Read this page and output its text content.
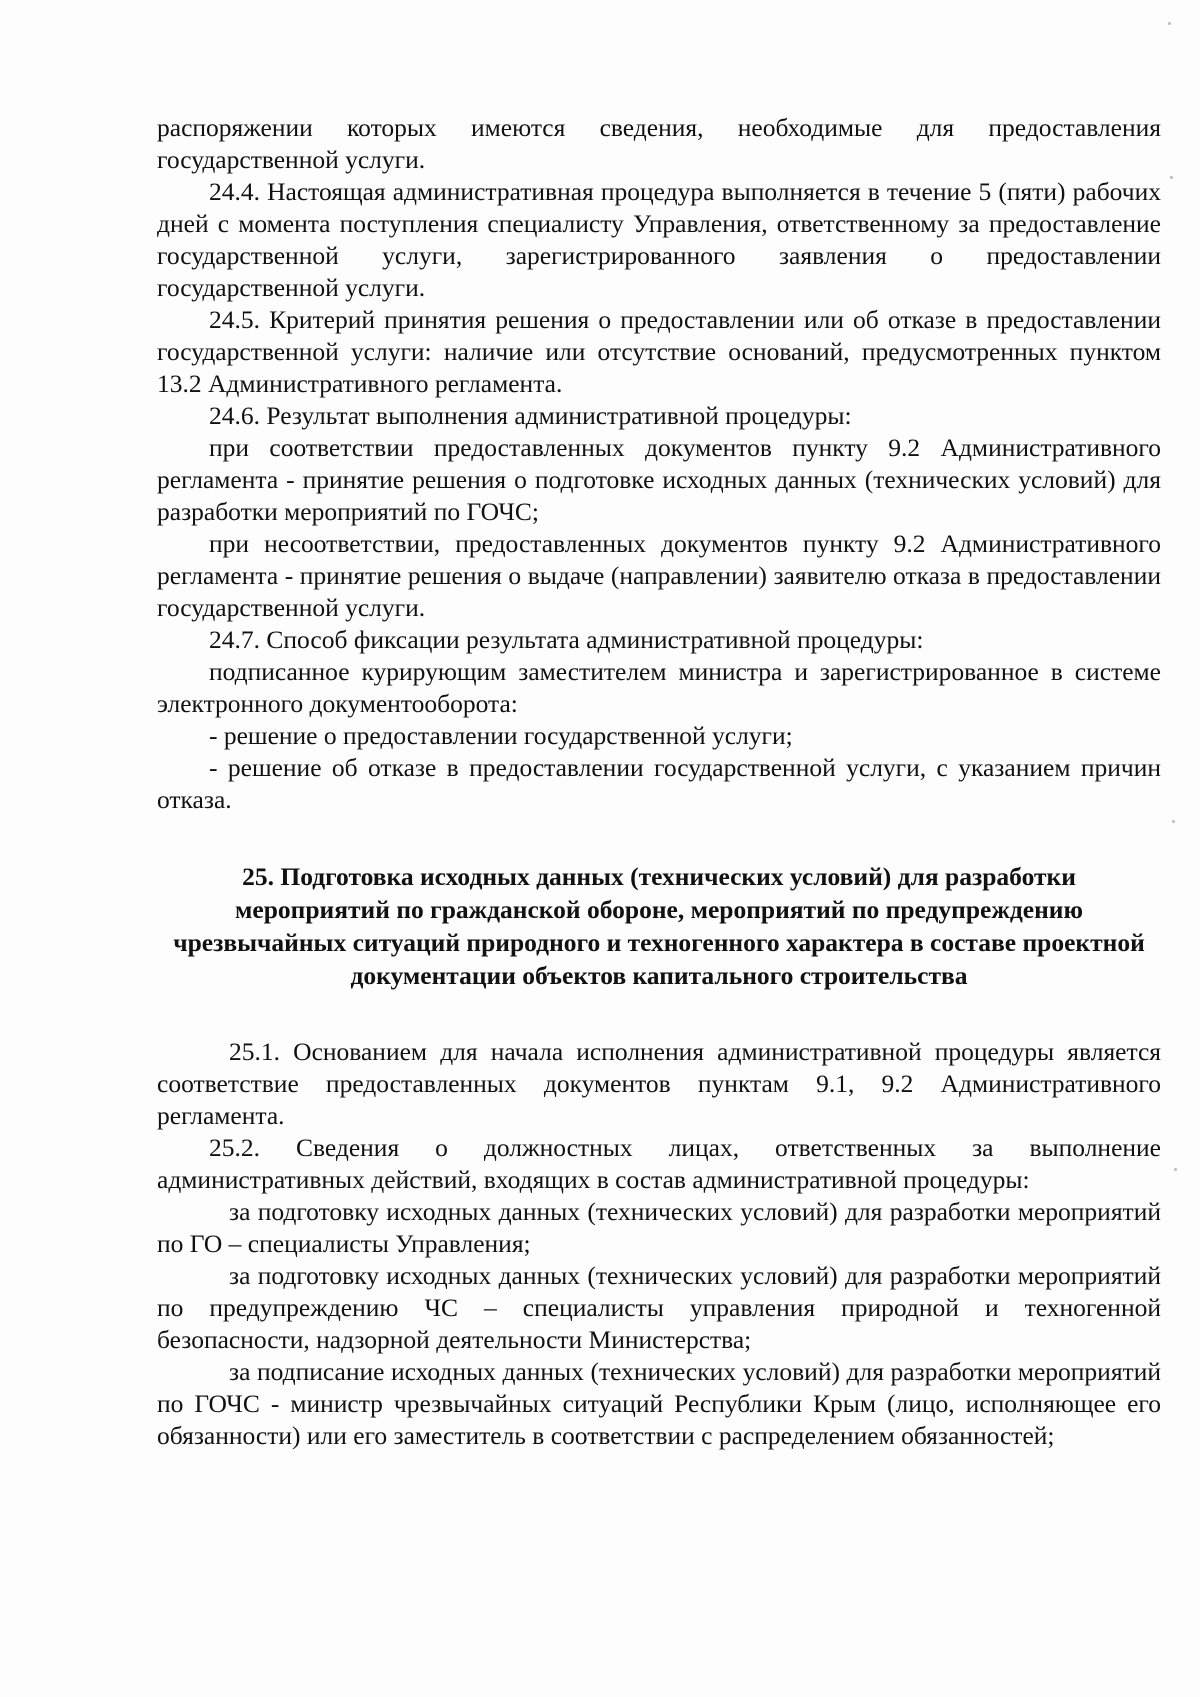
распоряжении которых имеются сведения, необходимые для предоставления государственной услуги.

24.4. Настоящая административная процедура выполняется в течение 5 (пяти) рабочих дней с момента поступления специалисту Управления, ответственному за предоставление государственной услуги, зарегистрированного заявления о предоставлении государственной услуги.

24.5. Критерий принятия решения о предоставлении или об отказе в предоставлении государственной услуги: наличие или отсутствие оснований, предусмотренных пунктом 13.2 Административного регламента.

24.6. Результат выполнения административной процедуры:

при соответствии предоставленных документов пункту 9.2 Административного регламента - принятие решения о подготовке исходных данных (технических условий) для разработки мероприятий по ГОЧС;

при несоответствии, предоставленных документов пункту 9.2 Административного регламента - принятие решения о выдаче (направлении) заявителю отказа в предоставлении государственной услуги.

24.7. Способ фиксации результата административной процедуры:

подписанное курирующим заместителем министра и зарегистрированное в системе электронного документооборота:

- решение о предоставлении государственной услуги;

- решение об отказе в предоставлении государственной услуги, с указанием причин отказа.

25. Подготовка исходных данных (технических условий) для разработки мероприятий по гражданской обороне, мероприятий по предупреждению чрезвычайных ситуаций природного и техногенного характера в составе проектной документации объектов капитального строительства

25.1. Основанием для начала исполнения административной процедуры является соответствие предоставленных документов пунктам 9.1, 9.2 Административного регламента.

25.2. Сведения о должностных лицах, ответственных за выполнение административных действий, входящих в состав административной процедуры:

за подготовку исходных данных (технических условий) для разработки мероприятий по ГО – специалисты Управления;

за подготовку исходных данных (технических условий) для разработки мероприятий по предупреждению ЧС – специалисты управления природной и техногенной безопасности, надзорной деятельности Министерства;

за подписание исходных данных (технических условий) для разработки мероприятий по ГОЧС - министр чрезвычайных ситуаций Республики Крым (лицо, исполняющее его обязанности) или его заместитель в соответствии с распределением обязанностей;
